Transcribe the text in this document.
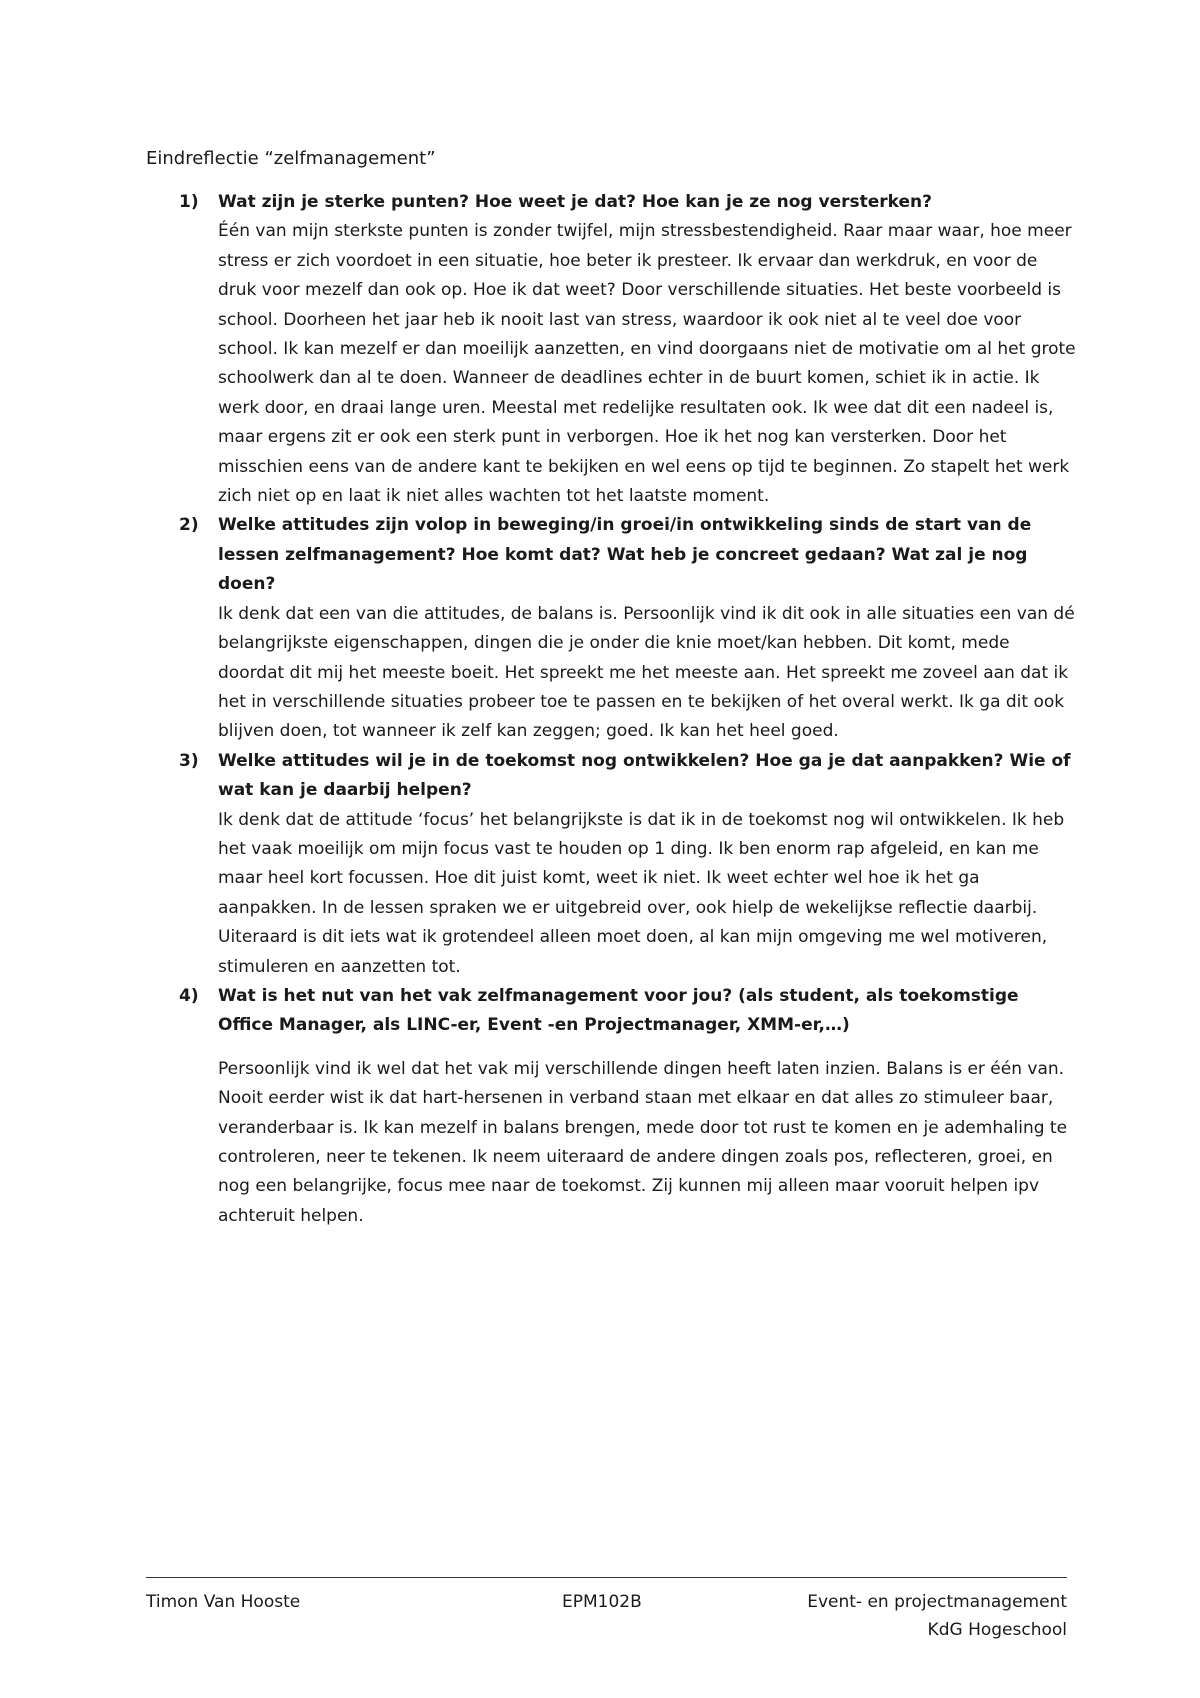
Eindreflectie “zelfmanagement”
1) Wat zijn je sterke punten? Hoe weet je dat? Hoe kan je ze nog versterken?

Één van mijn sterkste punten is zonder twijfel, mijn stressbestendigheid. Raar maar waar, hoe meer stress er zich voordoet in een situatie, hoe beter ik presteer. Ik ervaar dan werkdruk, en voor de druk voor mezelf dan ook op. Hoe ik dat weet? Door verschillende situaties. Het beste voorbeeld is school. Doorheen het jaar heb ik nooit last van stress, waardoor ik ook niet al te veel doe voor school. Ik kan mezelf er dan moeilijk aanzetten, en vind doorgaans niet de motivatie om al het grote schoolwerk dan al te doen. Wanneer de deadlines echter in de buurt komen, schiet ik in actie. Ik werk door, en draai lange uren. Meestal met redelijke resultaten ook. Ik wee dat dit een nadeel is, maar ergens zit er ook een sterk punt in verborgen. Hoe ik het nog kan versterken. Door het misschien eens van de andere kant te bekijken en wel eens op tijd te beginnen. Zo stapelt het werk zich niet op en laat ik niet alles wachten tot het laatste moment.

2) Welke attitudes zijn volop in beweging/in groei/in ontwikkeling sinds de start van de lessen zelfmanagement? Hoe komt dat? Wat heb je concreet gedaan? Wat zal je nog doen?

Ik denk dat een van die attitudes, de balans is. Persoonlijk vind ik dit ook in alle situaties een van dé belangrijkste eigenschappen, dingen die je onder die knie moet/kan hebben. Dit komt, mede doordat dit mij het meeste boeit. Het spreekt me het meeste aan. Het spreekt me zoveel aan dat ik het in verschillende situaties probeer toe te passen en te bekijken of het overal werkt. Ik ga dit ook blijven doen, tot wanneer ik zelf kan zeggen; goed. Ik kan het heel goed.

3) Welke attitudes wil je in de toekomst nog ontwikkelen? Hoe ga je dat aanpakken? Wie of wat kan je daarbij helpen?

Ik denk dat de attitude ‘focus’ het belangrijkste is dat ik in de toekomst nog wil ontwikkelen. Ik heb het vaak moeilijk om mijn focus vast te houden op 1 ding. Ik ben enorm rap afgeleid, en kan me maar heel kort focussen. Hoe dit juist komt, weet ik niet. Ik weet echter wel hoe ik het ga aanpakken. In de lessen spraken we er uitgebreid over, ook hielp de wekelijkse reflectie daarbij. Uiteraard is dit iets wat ik grotendeel alleen moet doen, al kan mijn omgeving me wel motiveren, stimuleren en aanzetten tot.

4) Wat is het nut van het vak zelfmanagement voor jou? (als student, als toekomstige Office Manager, als LINC-er, Event -en Projectmanager, XMM-er,…)

Persoonlijk vind ik wel dat het vak mij verschillende dingen heeft laten inzien. Balans is er één van. Nooit eerder wist ik dat hart-hersenen in verband staan met elkaar en dat alles zo stimuleer baar, veranderbaar is. Ik kan mezelf in balans brengen, mede door tot rust te komen en je ademhaling te controleren, neer te tekenen. Ik neem uiteraard de andere dingen zoals pos, reflecteren, groei, en nog een belangrijke, focus mee naar de toekomst. Zij kunnen mij alleen maar vooruit helpen ipv achteruit helpen.

Timon Van Hooste	EPM102B	Event- en projectmanagement
KdG Hogeschool
